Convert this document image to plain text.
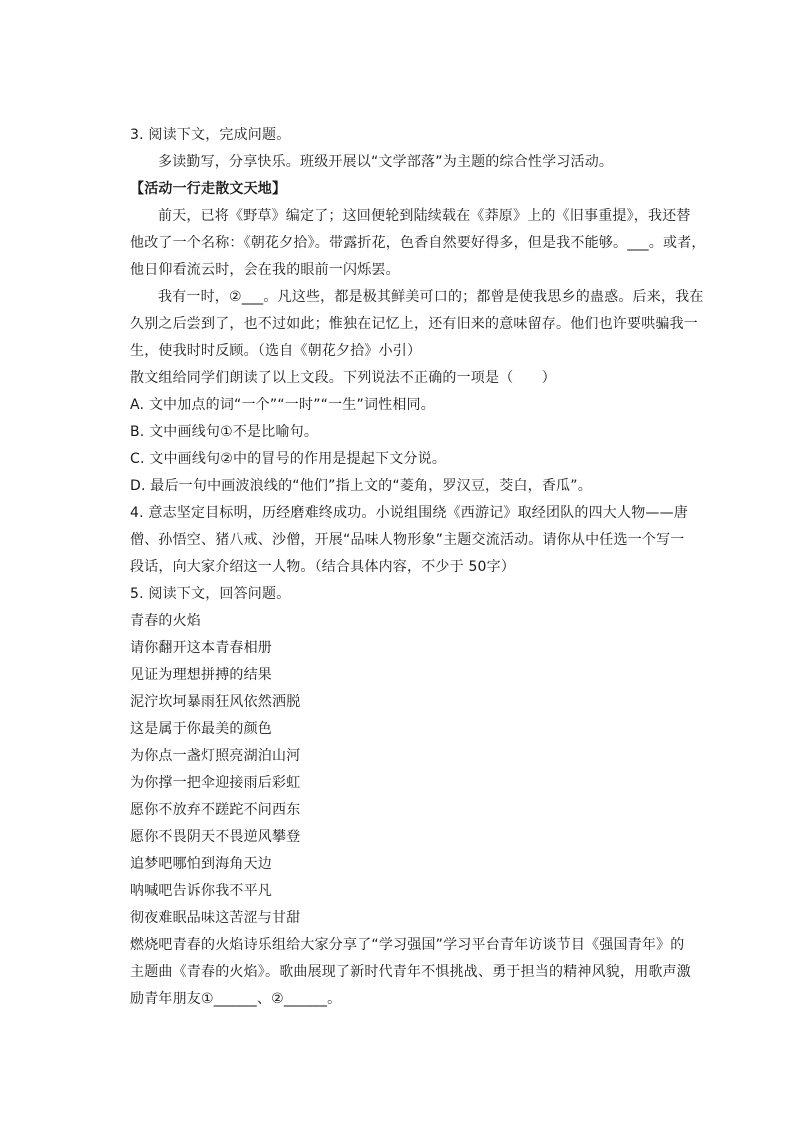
3. 阅读下文，完成问题。
多读勤写，分享快乐。班级开展以“文学部落”为主题的综合性学习活动。
【活动一行走散文天地】
前天，已将《野草》编定了；这回便轮到陆续载在《莽原》上的《旧事重提》，我还替
他改了一个名称：《朝花夕拾》。带露折花，色香自然要好得多，但是我不能够。___。或者，
他日仰看流云时，会在我的眼前一闪烁罢。
我有一时，②___。凡这些，都是极其鲜美可口的；都曾是使我思乡的蛊惑。后来，我在
久别之后尝到了，也不过如此；惟独在记忆上，还有旧来的意味留存。他们也许要哄骗我一
生，使我时时反顾。（选自《朝花夕拾》小引）
散文组给同学们朗读了以上文段。下列说法不正确的一项是（　　）
A. 文中加点的词“一个”“一时”“一生”词性相同。
B. 文中画线句①不是比喻句。
C. 文中画线句②中的冒号的作用是提起下文分说。
D. 最后一句中画波浪线的“他们”指上文的“菱角，罗汉豆，茭白，香瓜”。
4. 意志坚定目标明，历经磨难终成功。小说组围绕《西游记》取经团队的四大人物——唐
僧、孙悟空、猪八戒、沙僧，开展“品味人物形象”主题交流活动。请你从中任选一个写一
段话，向大家介绍这一人物。（结合具体内容，不少于 50字）
5. 阅读下文，回答问题。
青春的火焰
请你翻开这本青春相册
见证为理想拼搏的结果
泥泞坎坷暴雨狂风依然洒脱
这是属于你最美的颜色
为你点一盏灯照亮湖泊山河
为你撑一把伞迎接雨后彩虹
愿你不放弃不蹉跎不问西东
愿你不畏阴天不畏逆风攀登
追梦吧哪怕到海角天边
呐喊吧告诉你我不平凡
彻夜难眠品味这苦涩与甘甜
燃烧吧青春的火焰诗乐组给大家分享了“学习强国”学习平台青年访谈节目《强国青年》的
主题曲《青春的火焰》。歌曲展现了新时代青年不惧挑战、勇于担当的精神风貌，用歌声激
励青年朋友①______、②______。
